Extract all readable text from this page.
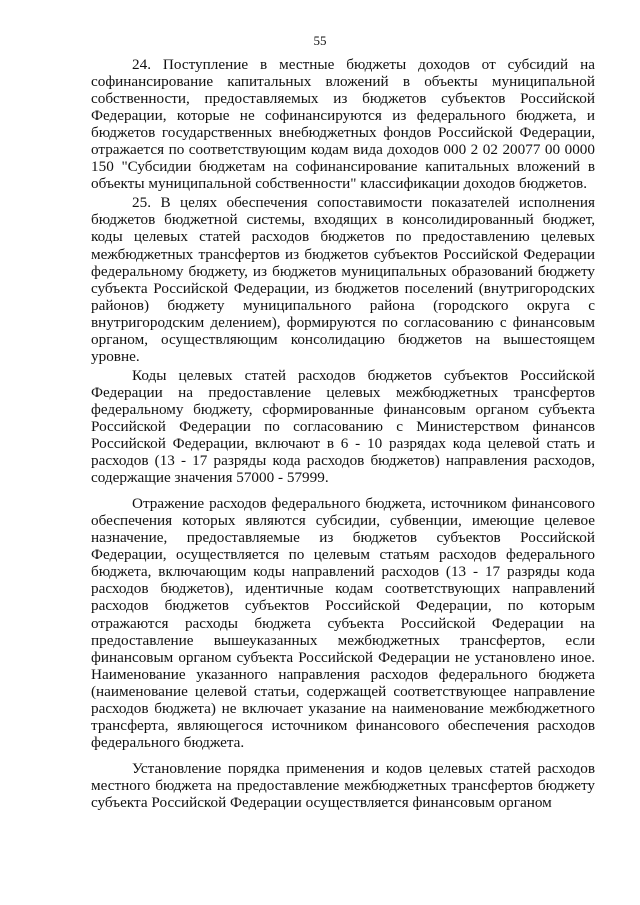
55

24. Поступление в местные бюджеты доходов от субсидий на софинансирование капитальных вложений в объекты муниципальной собственности, предоставляемых из бюджетов субъектов Российской Федерации, которые не софинансируются из федерального бюджета, и бюджетов государственных внебюджетных фондов Российской Федерации, отражается по соответствующим кодам вида доходов 000 2 02 20077 00 0000 150 "Субсидии бюджетам на софинансирование капитальных вложений в объекты муниципальной собственности" классификации доходов бюджетов.

25. В целях обеспечения сопоставимости показателей исполнения бюджетов бюджетной системы, входящих в консолидированный бюджет, коды целевых статей расходов бюджетов по предоставлению целевых межбюджетных трансфертов из бюджетов субъектов Российской Федерации федеральному бюджету, из бюджетов муниципальных образований бюджету субъекта Российской Федерации, из бюджетов поселений (внутригородских районов) бюджету муниципального района (городского округа с внутригородским делением), формируются по согласованию с финансовым органом, осуществляющим консолидацию бюджетов на вышестоящем уровне.

Коды целевых статей расходов бюджетов субъектов Российской Федерации на предоставление целевых межбюджетных трансфертов федеральному бюджету, сформированные финансовым органом субъекта Российской Федерации по согласованию с Министерством финансов Российской Федерации, включают в 6 - 10 разрядах кода целевой стать и расходов (13 - 17 разряды кода расходов бюджетов) направления расходов, содержащие значения 57000 - 57999.

Отражение расходов федерального бюджета, источником финансового обеспечения которых являются субсидии, субвенции, имеющие целевое назначение, предоставляемые из бюджетов субъектов Российской Федерации, осуществляется по целевым статьям расходов федерального бюджета, включающим коды направлений расходов (13 - 17 разряды кода расходов бюджетов), идентичные кодам соответствующих направлений расходов бюджетов субъектов Российской Федерации, по которым отражаются расходы бюджета субъекта Российской Федерации на предоставление вышеуказанных межбюджетных трансфертов, если финансовым органом субъекта Российской Федерации не установлено иное. Наименование указанного направления расходов федерального бюджета (наименование целевой статьи, содержащей соответствующее направление расходов бюджета) не включает указание на наименование межбюджетного трансферта, являющегося источником финансового обеспечения расходов федерального бюджета.

Установление порядка применения и кодов целевых статей расходов местного бюджета на предоставление межбюджетных трансфертов бюджету субъекта Российской Федерации осуществляется финансовым органом
